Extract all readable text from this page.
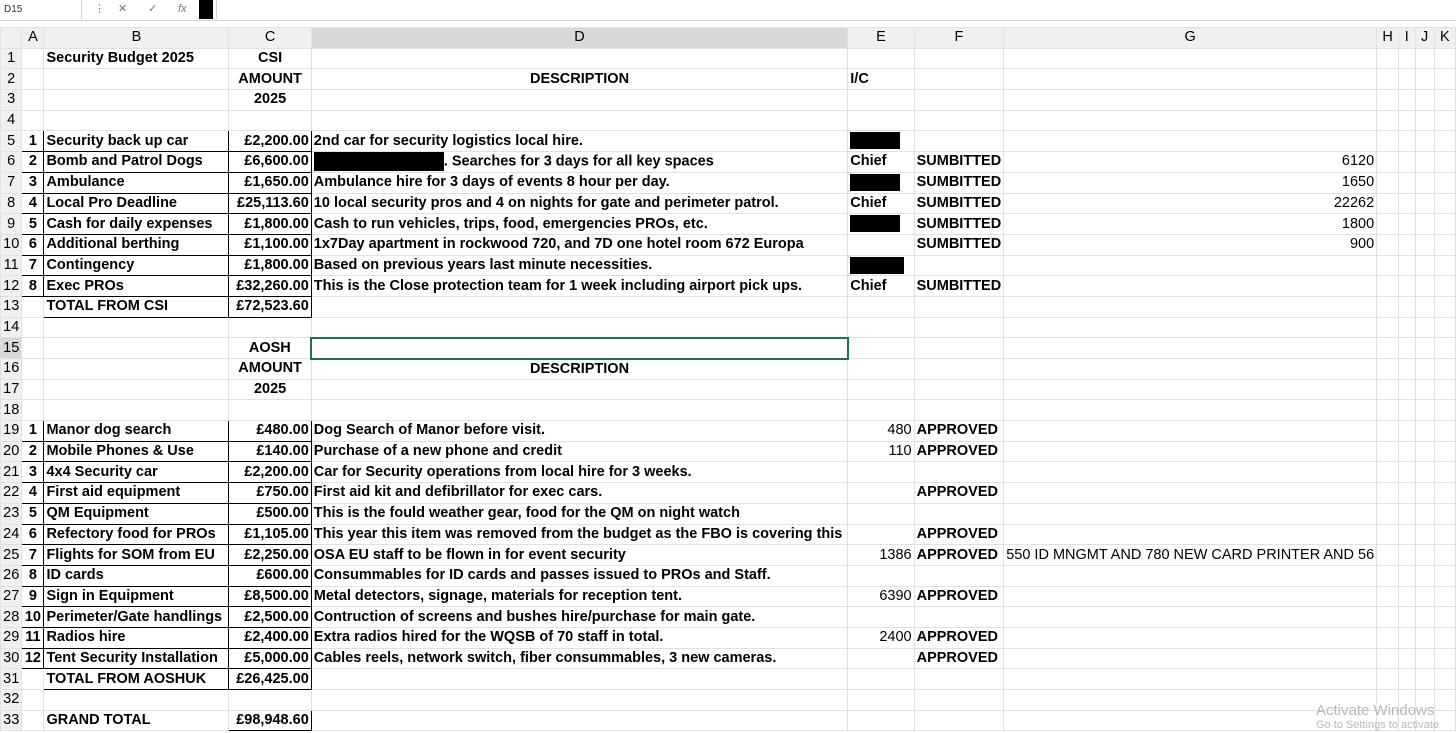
D15	⋮ ✕ ✓ fx
	A	B	C	D	E	F	G	H	I	J	K
1		Security Budget 2025	CSI								
2			AMOUNT	DESCRIPTION	I/C						
3			2025								
4											
5	1	Security back up car	£2,200.00	2nd car for security logistics local hire.							
6	2	Bomb and Patrol Dogs	£6,600.00	. Searches for 3 days for all key spaces	Chief	SUMBITTED	6120				
7	3	Ambulance	£1,650.00	Ambulance hire for 3 days of events 8 hour per day.		SUMBITTED	1650				
8	4	Local Pro Deadline	£25,113.60	10 local security pros and 4 on nights for gate and perimeter patrol.	Chief	SUMBITTED	22262				
9	5	Cash for daily expenses	£1,800.00	Cash to run vehicles, trips, food, emergencies PROs, etc.		SUMBITTED	1800				
10	6	Additional berthing	£1,100.00	1x7Day apartment in rockwood 720, and 7D one hotel room 672 Europa		SUMBITTED	900				
11	7	Contingency	£1,800.00	Based on previous years last minute necessities.							
12	8	Exec PROs	£32,260.00	This is the Close protection team for 1 week including airport pick ups.	Chief	SUMBITTED					
13		TOTAL FROM CSI	£72,523.60								
14											
15			AOSH								
16			AMOUNT	DESCRIPTION							
17			2025								
18											
19	1	Manor dog search	£480.00	Dog Search of Manor before visit.	480	APPROVED					
20	2	Mobile Phones & Use	£140.00	Purchase of a new phone and credit	110	APPROVED					
21	3	4x4 Security car	£2,200.00	Car for Security operations from local hire for 3 weeks.							
22	4	First aid equipment	£750.00	First aid kit and defibrillator for exec cars.		APPROVED					
23	5	QM Equipment	£500.00	This is the fould weather gear, food for the QM on night watch							
24	6	Refectory food for PROs	£1,105.00	This year this item was removed from the budget as the FBO is covering this		APPROVED					
25	7	Flights for SOM from EU	£2,250.00	OSA EU staff to be flown in for event security	1386	APPROVED	550 ID MNGMT AND 780 NEW CARD PRINTER AND 56				
26	8	ID cards	£600.00	Consummables for ID cards and passes issued to PROs and Staff.							
27	9	Sign in Equipment	£8,500.00	Metal detectors, signage, materials for reception tent.	6390	APPROVED					
28	10	Perimeter/Gate handlings	£2,500.00	Contruction of screens and bushes hire/purchase for main gate.							
29	11	Radios hire	£2,400.00	Extra radios hired for the WQSB of 70 staff in total.	2400	APPROVED					
30	12	Tent Security Installation	£5,000.00	Cables reels, network switch, fiber consummables, 3 new cameras.		APPROVED					
31		TOTAL FROM AOSHUK	£26,425.00								
32											
33		GRAND TOTAL	£98,948.60								
Activate Windows
Go to Settings to activate
